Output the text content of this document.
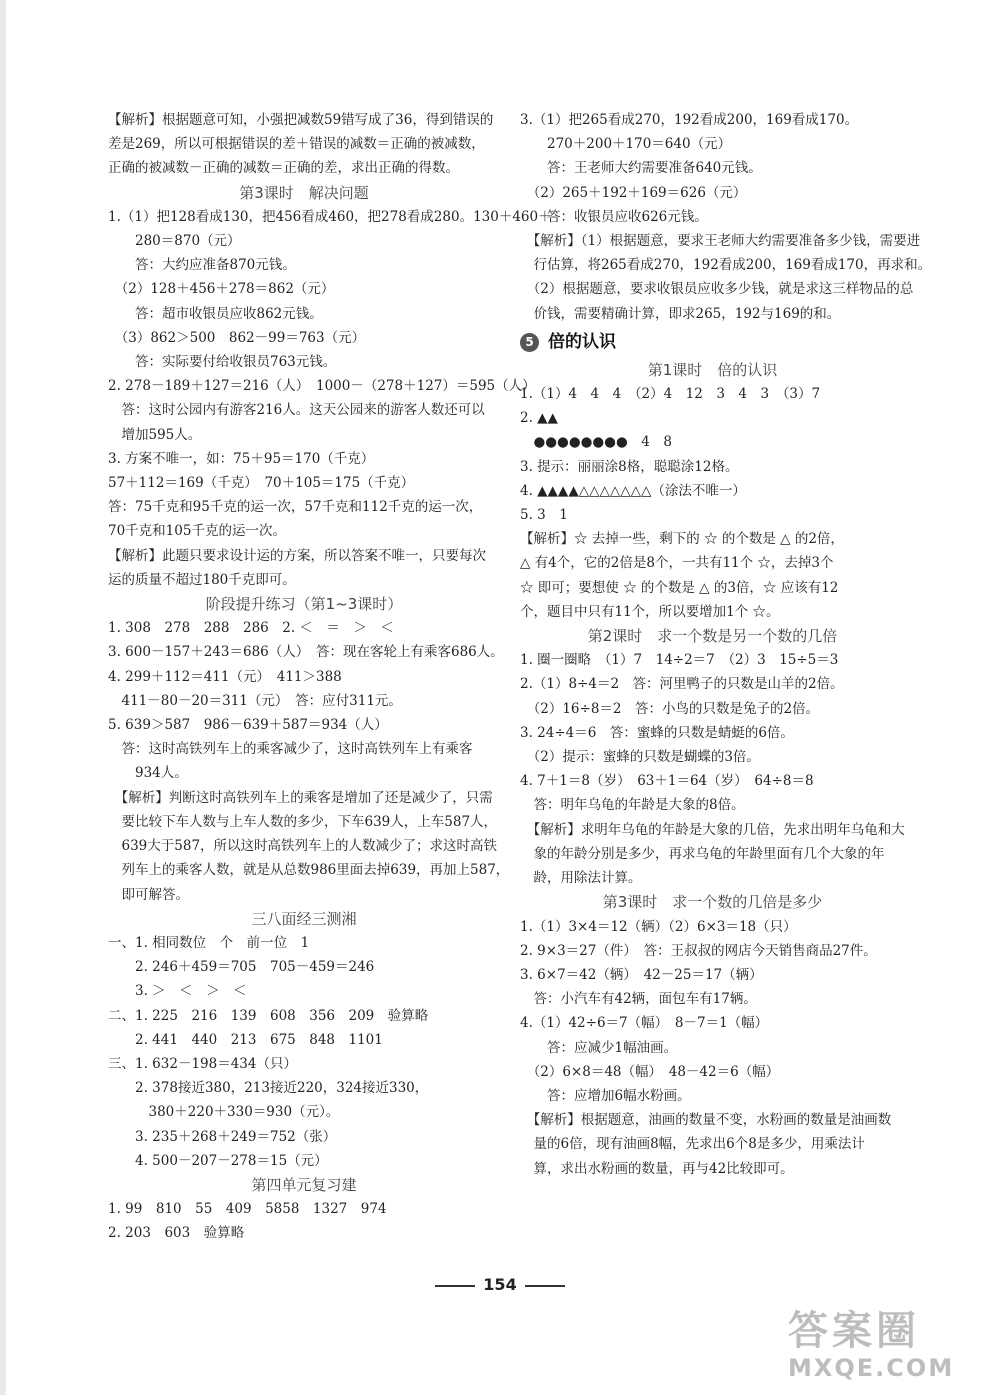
【解析】根据题意可知，小强把减数59错写成了36，得到错误的
差是269，所以可根据错误的差＋错误的减数＝正确的被减数，
正确的被减数－正确的减数＝正确的差，求出正确的得数。
第3课时　解决问题
1.（1）把128看成130，把456看成460，把278看成280。130＋460＋
　　280＝870（元）
　　答：大约应准备870元钱。
　（2）128＋456＋278＝862（元）
　　答：超市收银员应收862元钱。
　（3）862＞500　862－99＝763（元）
　　答：实际要付给收银员763元钱。
2. 278－189＋127＝216（人）　1000－（278＋127）＝595（人）
　答：这时公园内有游客216人。这天公园来的游客人数还可以
　增加595人。
3. 方案不唯一，如：75＋95＝170（千克）
57＋112＝169（千克）　70＋105＝175（千克）
答：75千克和95千克的运一次，57千克和112千克的运一次，
70千克和105千克的运一次。
【解析】此题只要求设计运的方案，所以答案不唯一，只要每次
运的质量不超过180千克即可。
阶段提升练习（第1~3课时）
1. 308　278　288　286　2. ＜　＝　＞　＜
3. 600－157＋243＝686（人）　答：现在客轮上有乘客686人。
4. 299＋112＝411（元）　411＞388
　411－80－20＝311（元）　答：应付311元。
5. 639＞587　986－639＋587＝934（人）
　答：这时高铁列车上的乘客减少了，这时高铁列车上有乘客
　　934人。
　【解析】判断这时高铁列车上的乘客是增加了还是减少了，只需
　要比较下车人数与上车人数的多少，下车639人，上车587人，
　639大于587，所以这时高铁列车上的人数减少了；求这时高铁
　列车上的乘客人数，就是从总数986里面去掉639，再加上587，
　即可解答。
三八面经三测湘
一、1. 相同数位　个　前一位　1
　　2. 246＋459＝705　705－459＝246
　　3. ＞　＜　＞　＜
二、1. 225　216　139　608　356　209　验算略
　　2. 441　440　213　675　848　1101
三、1. 632－198＝434（只）
　　2. 378接近380，213接近220，324接近330，
　　　380＋220＋330＝930（元）。
　　3. 235＋268＋249＝752（张）
　　4. 500－207－278＝15（元）
第四单元复习建
1. 99　810　55　409　5858　1327　974
2. 203　603　验算略
3.（1）把265看成270，192看成200，169看成170。
　　270＋200＋170＝640（元）
　　答：王老师大约需要准备640元钱。
　（2）265＋192＋169＝626（元）
　　答：收银员应收626元钱。
　【解析】（1）根据题意，要求王老师大约需要准备多少钱，需要进
　行估算，将265看成270，192看成200，169看成170，再求和。
　（2）根据题意，要求收银员应收多少钱，就是求这三样物品的总
　价钱，需要精确计算，即求265，192与169的和。
5 倍的认识
第1课时　倍的认识
1.（1）4　4　4　（2）4　12　3　4　3　（3）7
2. ▲▲
　●●●●●●●●　4　8
3. 提示：丽丽涂8格，聪聪涂12格。
4. ▲▲▲▲△△△△△△△（涂法不唯一）
5. 3　1
【解析】☆ 去掉一些，剩下的 ☆ 的个数是 △ 的2倍，
△ 有4个，它的2倍是8个，一共有11个 ☆，去掉3个
☆ 即可；要想使 ☆ 的个数是 △ 的3倍，☆ 应该有12
个，题目中只有11个，所以要增加1个 ☆。
第2课时　求一个数是另一个数的几倍
1. 圈一圈略　（1）7　14÷2＝7　（2）3　15÷5＝3
2.（1）8÷4＝2　答：河里鸭子的只数是山羊的2倍。
　（2）16÷8＝2　答：小鸟的只数是兔子的2倍。
3. 24÷4＝6　答：蜜蜂的只数是蜻蜓的6倍。
　（2）提示：蜜蜂的只数是蝴蝶的3倍。
4. 7＋1＝8（岁）　63＋1＝64（岁）　64÷8＝8
　答：明年乌龟的年龄是大象的8倍。
　【解析】求明年乌龟的年龄是大象的几倍，先求出明年乌龟和大
　象的年龄分别是多少，再求乌龟的年龄里面有几个大象的年
　龄，用除法计算。
第3课时　求一个数的几倍是多少
1.（1）3×4＝12（辆）（2）6×3＝18（只）
2. 9×3＝27（件）　答：王叔叔的网店今天销售商品27件。
3. 6×7＝42（辆）　42－25＝17（辆）
　答：小汽车有42辆，面包车有17辆。
4.（1）42÷6＝7（幅）　8－7＝1（幅）
　　答：应减少1幅油画。
　（2）6×8＝48（幅）　48－42＝6（幅）
　　答：应增加6幅水粉画。
　【解析】根据题意，油画的数量不变，水粉画的数量是油画数
　量的6倍，现有油画8幅，先求出6个8是多少，用乘法计
　算，求出水粉画的数量，再与42比较即可。
154
答案圈
MXQE.COM
